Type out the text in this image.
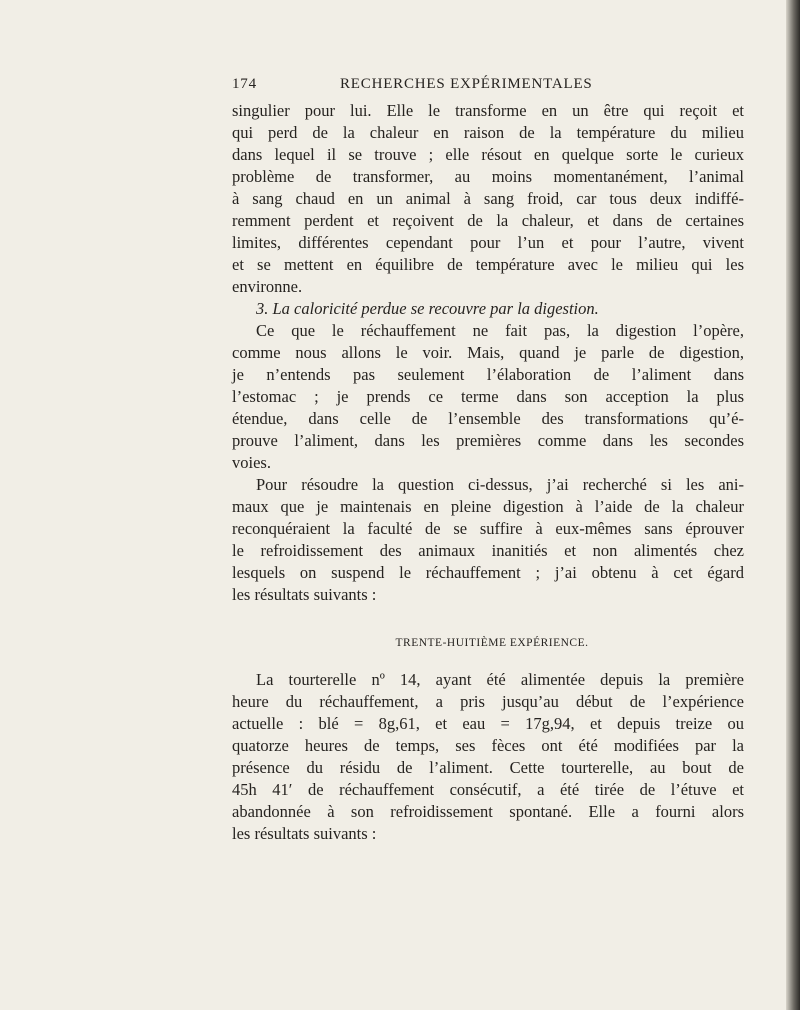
174	RECHERCHES EXPÉRIMENTALES
singulier pour lui. Elle le transforme en un être qui reçoit et
qui perd de la chaleur en raison de la température du milieu
dans lequel il se trouve ; elle résout en quelque sorte le curieux
problème de transformer, au moins momentanément, l’animal
à sang chaud en un animal à sang froid, car tous deux indiffé-
remment perdent et reçoivent de la chaleur, et dans de certaines
limites, différentes cependant pour l’un et pour l’autre, vivent
et se mettent en équilibre de température avec le milieu qui les
environne.
3. La caloricité perdue se recouvre par la digestion.
Ce que le réchauffement ne fait pas, la digestion l’opère,
comme nous allons le voir. Mais, quand je parle de digestion,
je n’entends pas seulement l’élaboration de l’aliment dans
l’estomac ; je prends ce terme dans son acception la plus
étendue, dans celle de l’ensemble des transformations qu’é-
prouve l’aliment, dans les premières comme dans les secondes
voies.
Pour résoudre la question ci-dessus, j’ai recherché si les ani-
maux que je maintenais en pleine digestion à l’aide de la chaleur
reconquéraient la faculté de se suffire à eux-mêmes sans éprouver
le refroidissement des animaux inanitiés et non alimentés chez
lesquels on suspend le réchauffement ; j’ai obtenu à cet égard
les résultats suivants :
TRENTE-HUITIÈME EXPÉRIENCE.
La tourterelle nº 14, ayant été alimentée depuis la première
heure du réchauffement, a pris jusqu’au début de l’expérience
actuelle : blé = 8g,61, et eau = 17g,94, et depuis treize ou
quatorze heures de temps, ses fèces ont été modifiées par la
présence du résidu de l’aliment. Cette tourterelle, au bout de
45h 41′ de réchauffement consécutif, a été tirée de l’étuve et
abandonnée à son refroidissement spontané. Elle a fourni alors
les résultats suivants :
